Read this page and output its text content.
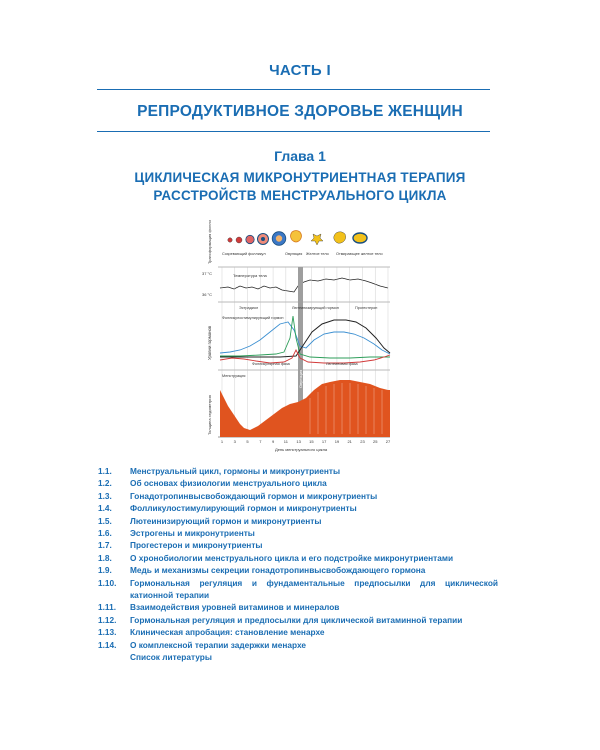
ЧАСТЬ I
РЕПРОДУКТИВНОЕ ЗДОРОВЬЕ ЖЕНЩИН
Глава 1
ЦИКЛИЧЕСКАЯ МИКРОНУТРИЕНТНАЯ ТЕРАПИЯ
РАССТРОЙСТВ МЕНСТРУАЛЬНОГО ЦИКЛА
Трансформация фолликула
Уровни гормонов
Толщина эндометрия
Созревающий фолликул	Овуляция Желтое тело Отмирающее желтое тело
Температура тела
37 °С
36 °С
Овуляция
Эстрадиол	Лютеинизирующий гормон	Прогестерон
Фолликулостимулирующий гормон
Фолликулярная фаза	Лютеиновая фаза
Менструация
1	3	5	7	9 11 13 15 17 19 21 23 25 27
День менструального цикла
1.1.	Менструальный цикл, гормоны и микронутриенты
1.2.	Об основах физиологии менструального цикла
1.3.	Гонадотропинвысвобождающий гормон и микронутриенты
1.4.	Фолликулостимулирующий гормон и микронутриенты
1.5.	Лютеинизирующий гормон и микронутриенты
1.6.	Эстрогены и микронутриенты
1.7.	Прогестерон и микронутриенты
1.8.	О хронобиологии менструального цикла и его подстройке микронутриентами
1.9.	Медь и механизмы секреции гонадотропинвысвобождающего гормона
1.10.	Гормональная регуляция и фундаментальные предпосылки для циклической катионной терапии
1.11.	Взаимодействия уровней витаминов и минералов
1.12.	Гормональная регуляция и предпосылки для циклической витаминной терапии
1.13.	Клиническая апробация: становление менархе
1.14.	О комплексной терапии задержки менархе
Список литературы
